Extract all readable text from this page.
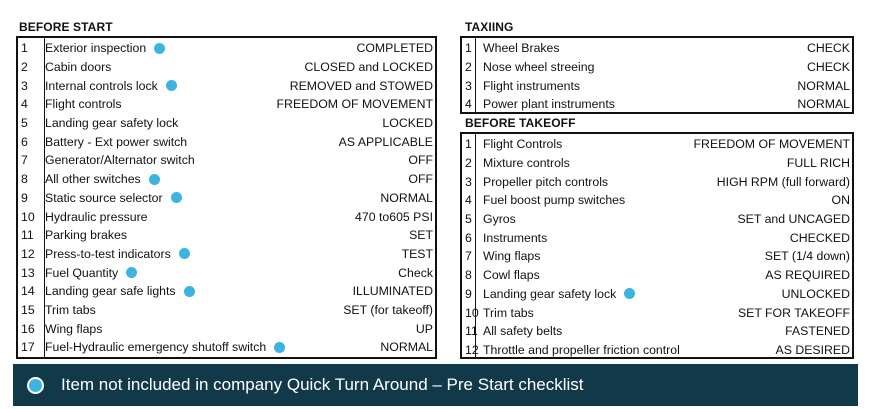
BEFORE START
1	Exterior inspection	COMPLETED
2	Cabin doors	CLOSED and LOCKED
3	Internal controls lock	REMOVED and STOWED
4	Flight controls	FREEDOM OF MOVEMENT
5	Landing gear safety lock	LOCKED
6	Battery - Ext power switch	AS APPLICABLE
7	Generator/Alternator switch	OFF
8	All other switches	OFF
9	Static source selector	NORMAL
10 Hydraulic pressure	470 to605 PSI
11 Parking brakes	SET
12 Press-to-test indicators	TEST
13 Fuel Quantity	Check
14 Landing gear safe lights	ILLUMINATED
15 Trim tabs	SET (for takeoff)
16 Wing flaps	UP
17 Fuel-Hydraulic emergency shutoff switch	NORMAL
TAXIING
1 Wheel Brakes	CHECK
2 Nose wheel streeing	CHECK
3 Flight instruments	NORMAL
4 Power plant instruments	NORMAL
BEFORE TAKEOFF
1 Flight Controls	FREEDOM OF MOVEMENT
2 Mixture controls	FULL RICH
3 Propeller pitch controls	HIGH RPM (full forward)
4 Fuel boost pump switches	ON
5 Gyros	SET and UNCAGED
6 Instruments	CHECKED
7 Wing flaps	SET (1/4 down)
8 Cowl flaps	AS REQUIRED
9 Landing gear safety lock	UNLOCKED
10 Trim tabs	SET FOR TAKEOFF
11 All safety belts	FASTENED
12 Throttle and propeller friction control	AS DESIRED
Item not included in company Quick Turn Around – Pre Start checklist
